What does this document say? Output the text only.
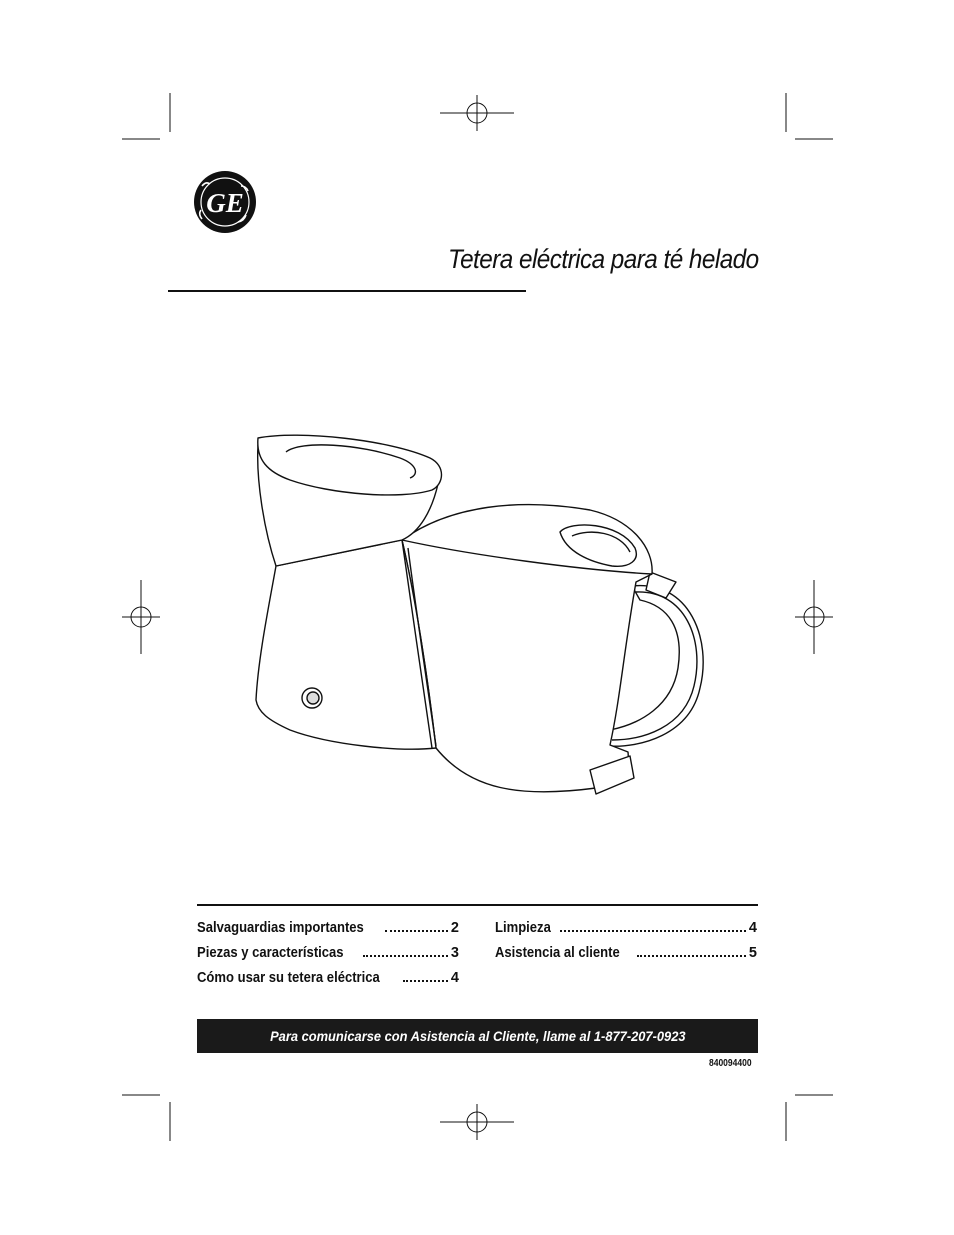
GE
Tetera eléctrica para té helado
Salvaguardias importantes	2
Piezas y características	3
Cómo usar su tetera eléctrica	4
Limpieza	4
Asistencia al cliente	5
Para comunicarse con Asistencia al Cliente, llame al 1-877-207-0923
840094400
